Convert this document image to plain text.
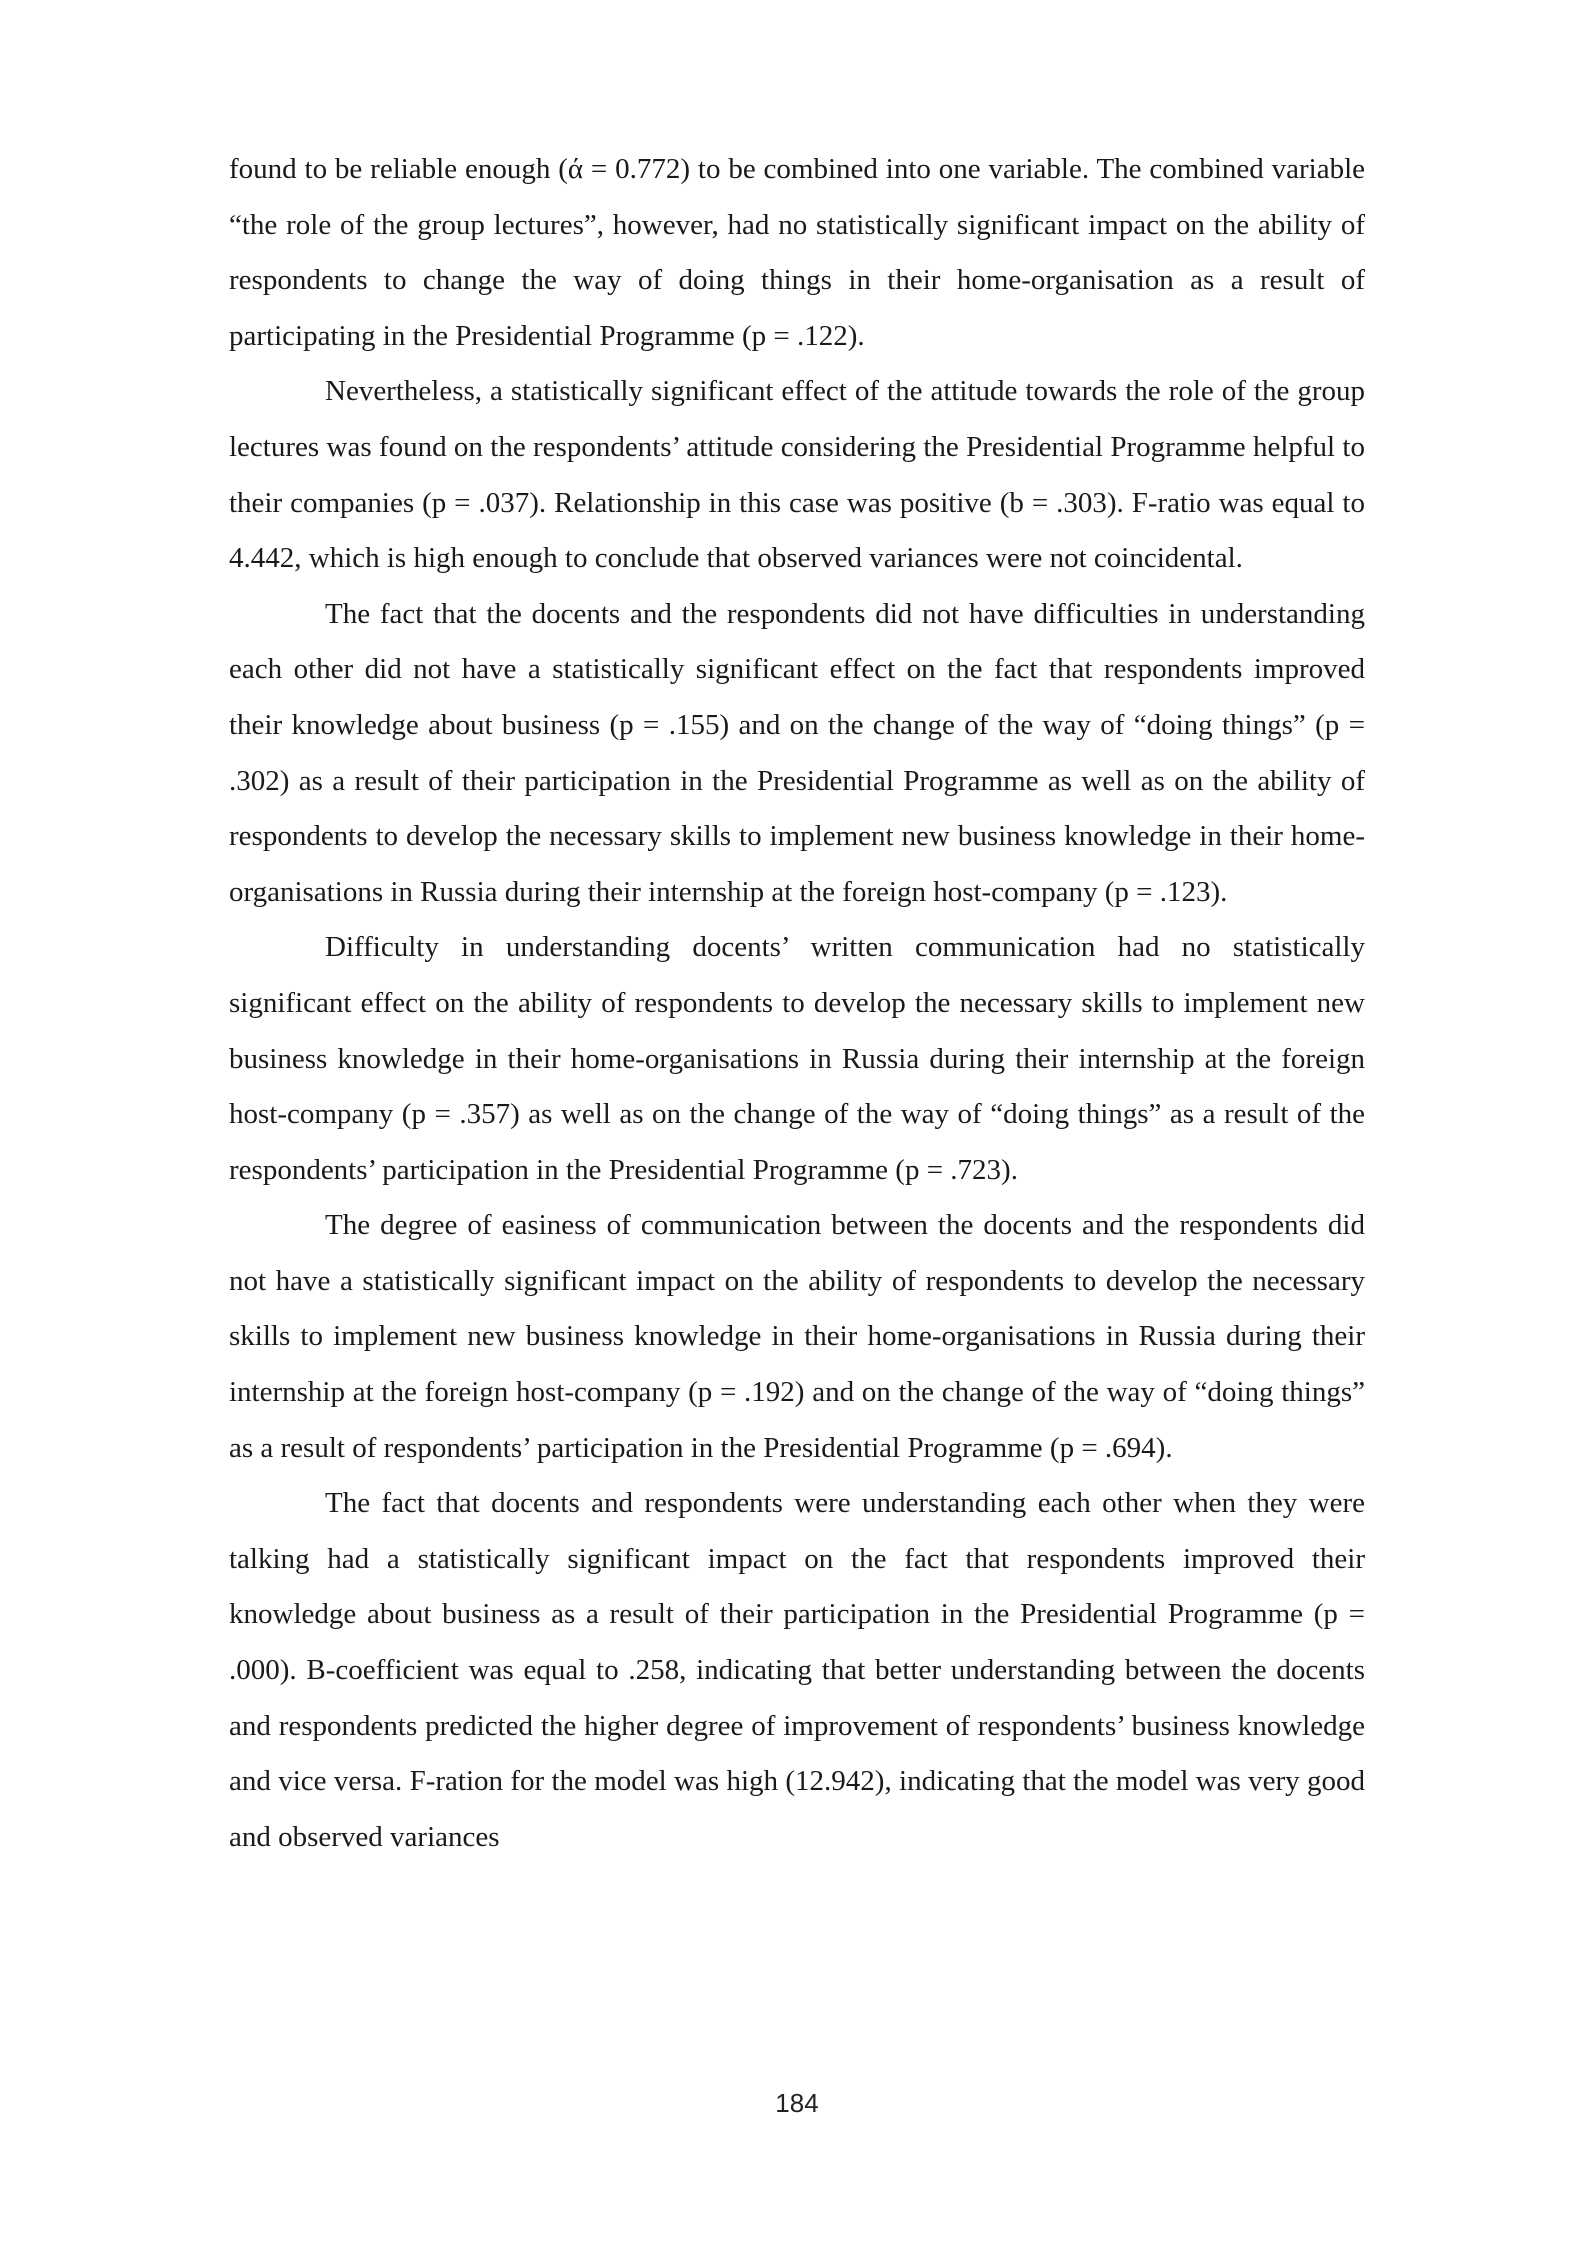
found to be reliable enough (ά = 0.772) to be combined into one variable. The combined variable “the role of the group lectures”, however, had no statistically significant impact on the ability of respondents to change the way of doing things in their home-organisation as a result of participating in the Presidential Programme (p = .122).

Nevertheless, a statistically significant effect of the attitude towards the role of the group lectures was found on the respondents’ attitude considering the Presidential Programme helpful to their companies (p = .037). Relationship in this case was positive (b = .303). F-ratio was equal to 4.442, which is high enough to conclude that observed variances were not coincidental.

The fact that the docents and the respondents did not have difficulties in understanding each other did not have a statistically significant effect on the fact that respondents improved their knowledge about business (p = .155) and on the change of the way of “doing things” (p = .302) as a result of their participation in the Presidential Programme as well as on the ability of respondents to develop the necessary skills to implement new business knowledge in their home-organisations in Russia during their internship at the foreign host-company (p = .123).

Difficulty in understanding docents’ written communication had no statistically significant effect on the ability of respondents to develop the necessary skills to implement new business knowledge in their home-organisations in Russia during their internship at the foreign host-company (p = .357) as well as on the change of the way of “doing things” as a result of the respondents’ participation in the Presidential Programme (p = .723).

The degree of easiness of communication between the docents and the respondents did not have a statistically significant impact on the ability of respondents to develop the necessary skills to implement new business knowledge in their home-organisations in Russia during their internship at the foreign host-company (p = .192) and on the change of the way of “doing things” as a result of respondents’ participation in the Presidential Programme (p = .694).

The fact that docents and respondents were understanding each other when they were talking had a statistically significant impact on the fact that respondents improved their knowledge about business as a result of their participation in the Presidential Programme (p = .000). B-coefficient was equal to .258, indicating that better understanding between the docents and respondents predicted the higher degree of improvement of respondents’ business knowledge and vice versa. F-ration for the model was high (12.942), indicating that the model was very good and observed variances

184
